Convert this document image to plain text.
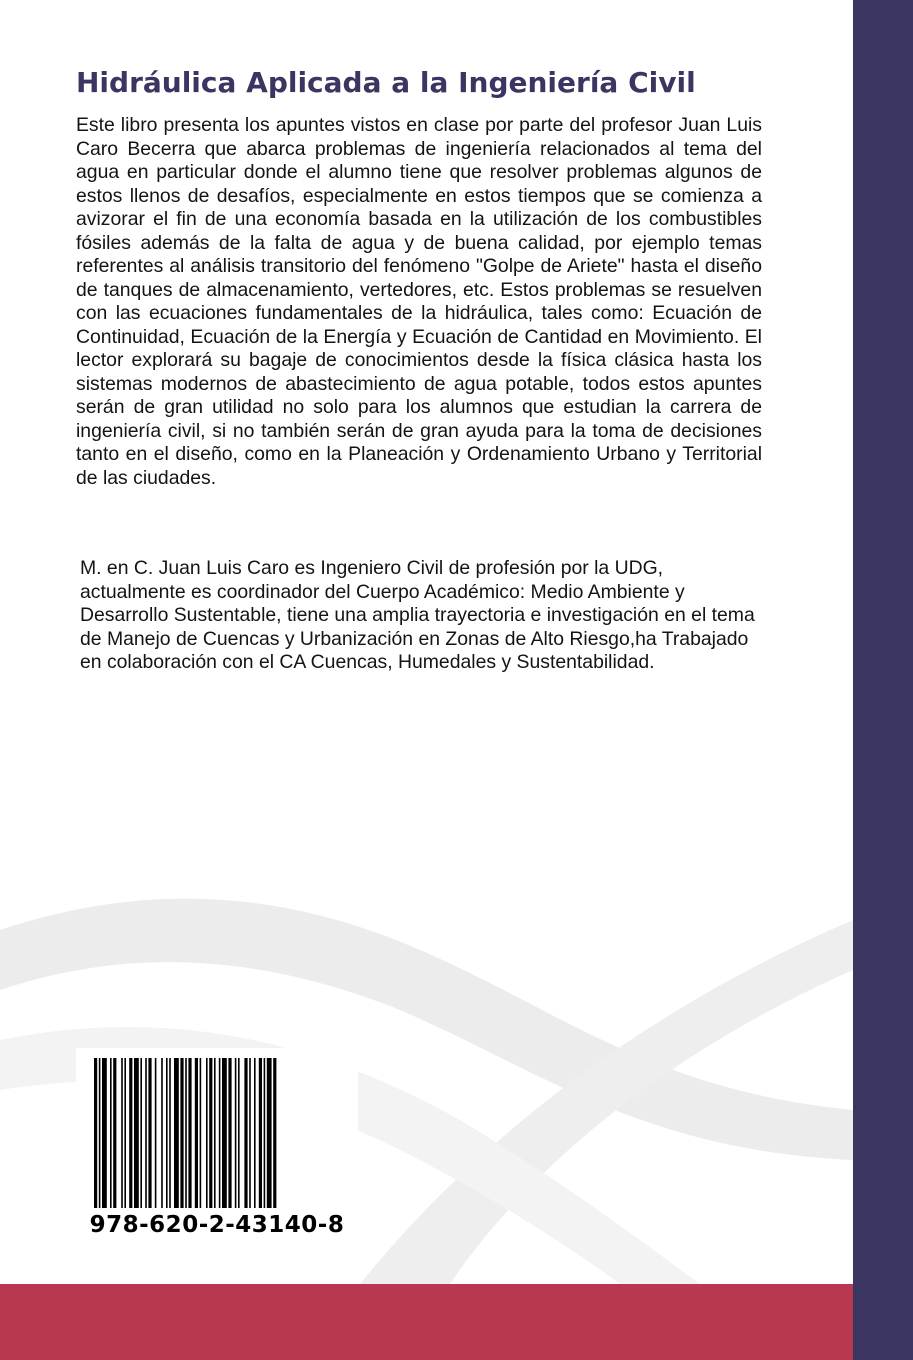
Hidráulica Aplicada a la Ingeniería Civil

Este libro presenta los apuntes vistos en clase por parte del profesor Juan Luis Caro Becerra que abarca problemas de ingeniería relacionados al tema del agua en particular donde el alumno tiene que resolver problemas algunos de estos llenos de desafíos, especialmente en estos tiempos que se comienza a avizorar el fin de una economía basada en la utilización de los combustibles fósiles además de la falta de agua y de buena calidad, por ejemplo temas referentes al análisis transitorio del fenómeno "Golpe de Ariete" hasta el diseño de tanques de almacenamiento, vertedores, etc. Estos problemas se resuelven con las ecuaciones fundamentales de la hidráulica, tales como: Ecuación de Continuidad, Ecuación de la Energía y Ecuación de Cantidad en Movimiento. El lector explorará su bagaje de conocimientos desde la física clásica hasta los sistemas modernos de abastecimiento de agua potable, todos estos apuntes serán de gran utilidad no solo para los alumnos que estudian la carrera de ingeniería civil, si no también serán de gran ayuda para la toma de decisiones tanto en el diseño, como en la Planeación y Ordenamiento Urbano y Territorial de las ciudades.

M. en C. Juan Luis Caro es Ingeniero Civil de profesión por la UDG, actualmente es coordinador del Cuerpo Académico: Medio Ambiente y Desarrollo Sustentable, tiene una amplia trayectoria e investigación en el tema de Manejo de Cuencas y Urbanización en Zonas de Alto Riesgo,ha Trabajado en colaboración con el CA Cuencas, Humedales y Sustentabilidad.

978-620-2-43140-8
